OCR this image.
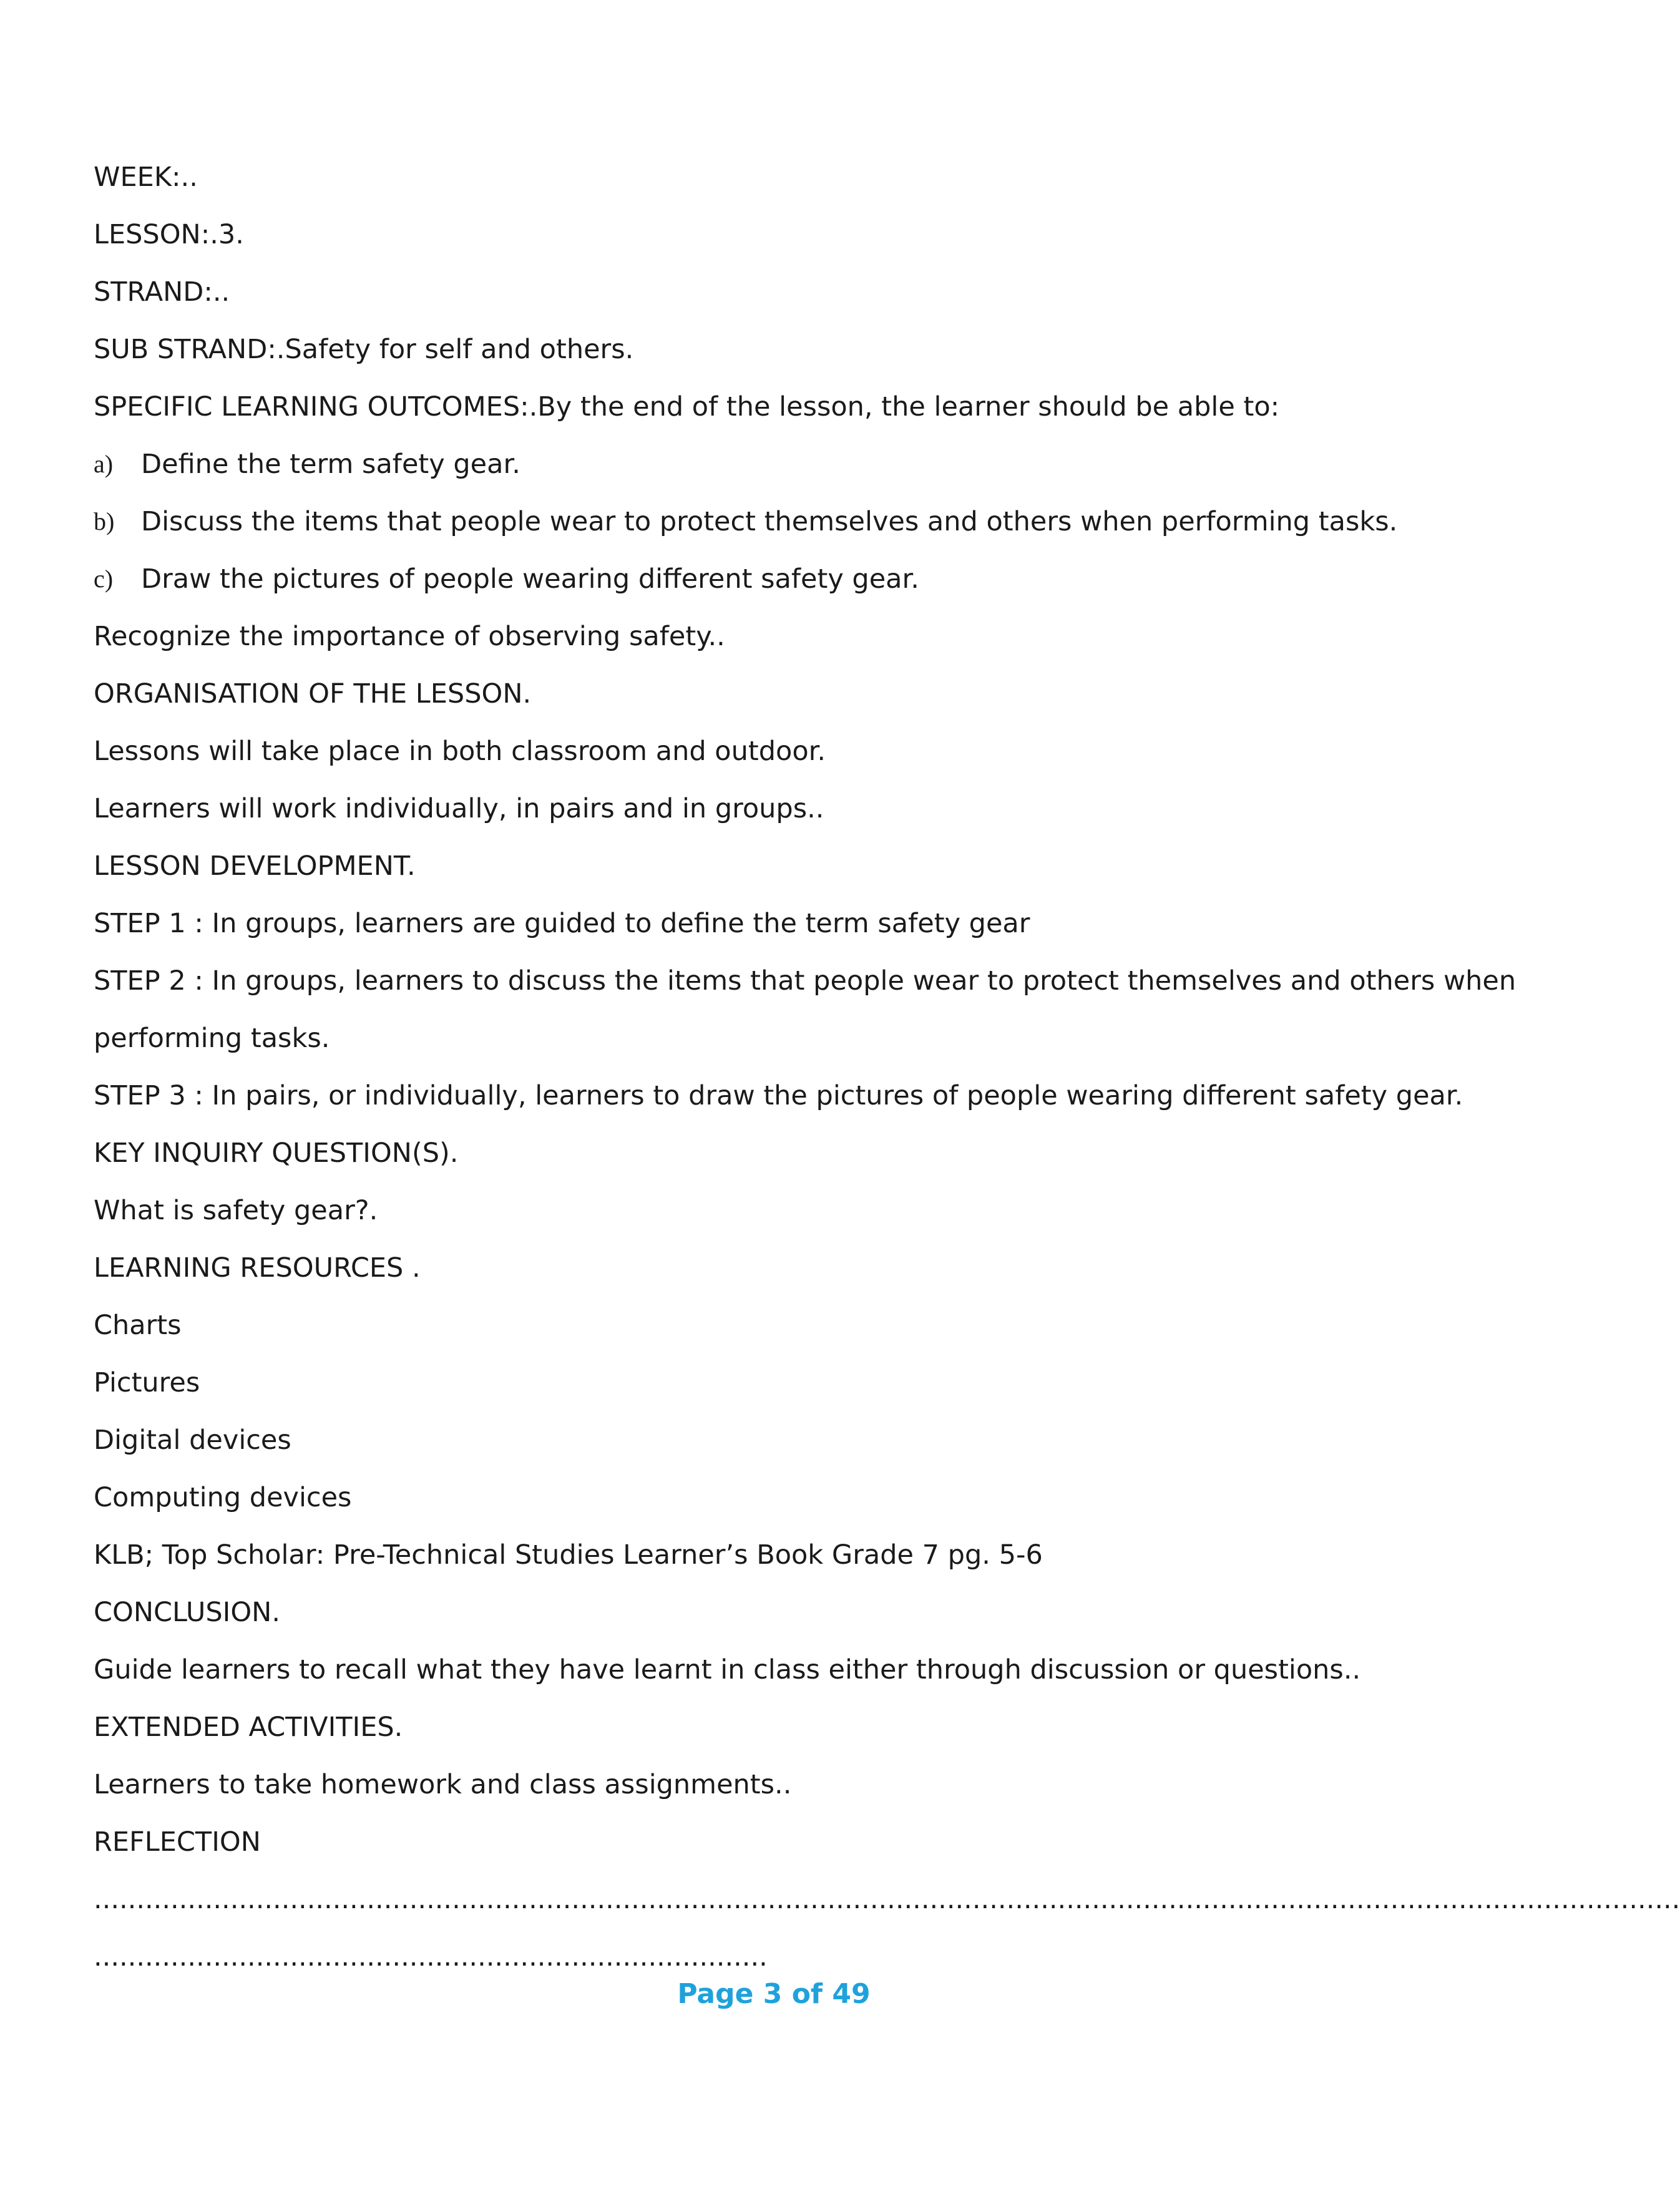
WEEK:..
LESSON:.3.
STRAND:..
SUB STRAND:.Safety for self and others.
SPECIFIC LEARNING OUTCOMES:.By the end of the lesson, the learner should be able to:
a)	Define the term safety gear.
b) Discuss the items that people wear to protect themselves and others when performing tasks.
c)	Draw the pictures of people wearing different safety gear.
Recognize the importance of observing safety..
ORGANISATION OF THE LESSON.
Lessons will take place in both classroom and outdoor.
Learners will work individually, in pairs and in groups..
LESSON DEVELOPMENT.
STEP 1 : In groups, learners are guided to define the term safety gear
STEP 2 : In groups, learners to discuss the items that people wear to protect themselves and others when
performing tasks.
STEP 3 : In pairs, or individually, learners to draw the pictures of people wearing different safety gear.
KEY INQUIRY QUESTION(S).
What is safety gear?.
LEARNING RESOURCES .
Charts
Pictures
Digital devices
Computing devices
KLB; Top Scholar: Pre-Technical Studies Learner’s Book Grade 7 pg. 5-6
CONCLUSION.
Guide learners to recall what they have learnt in class either through discussion or questions..
EXTENDED ACTIVITIES.
Learners to take homework and class assignments..
REFLECTION
..........................................................................................................................................................................................
...............................................................................
Page 3 of 49
